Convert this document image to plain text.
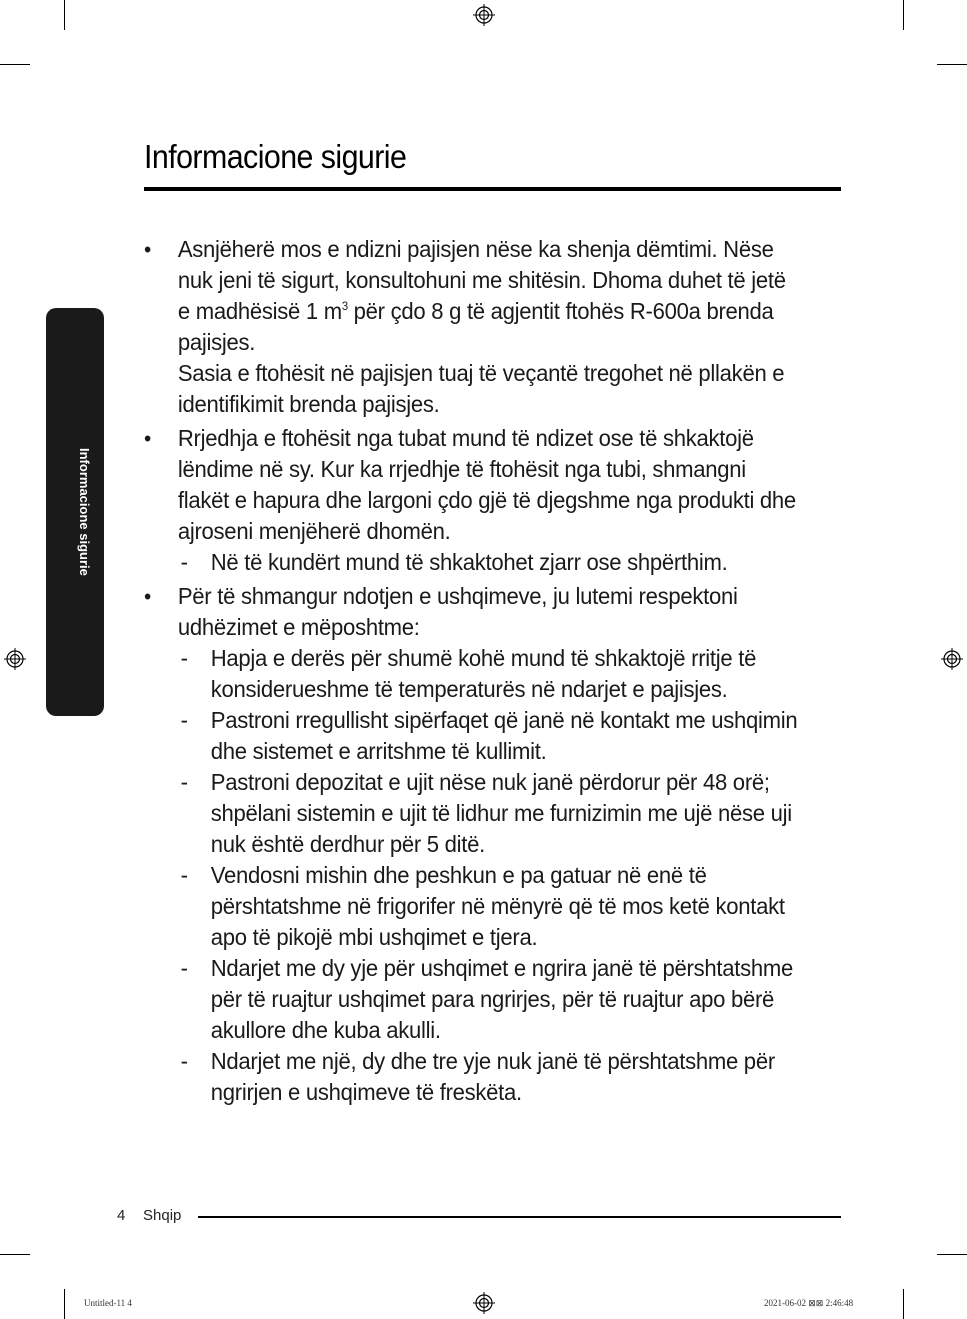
Informacione sigurie
Informacione sigurie
• Asnjëherë mos e ndizni pajisjen nëse ka shenja dëmtimi. Nëse nuk jeni të sigurt, konsultohuni me shitësin. Dhoma duhet të jetë e madhësisë 1 $m^3$ për çdo 8 g të agjentit ftohës R-600a brenda pajisjes.
Sasia e ftohësit në pajisjen tuaj të veçantë tregohet në pllakën e identifikimit brenda pajisjes.
• Rrjedhja e ftohësit nga tubat mund të ndizet ose të shkaktojë lëndime në sy. Kur ka rrjedhje të ftohësit nga tubi, shmangni flakët e hapura dhe largoni çdo gjë të djegshme nga produkti dhe ajroseni menjëherë dhomën.
- Në të kundërt mund të shkaktohet zjarr ose shpërthim.
• Për të shmangur ndotjen e ushqimeve, ju lutemi respektoni udhëzimet e mëposhtme:
- Hapja e derës për shumë kohë mund të shkaktojë rritje të konsiderueshme të temperaturës në ndarjet e pajisjes.
- Pastroni rregullisht sipërfaqet që janë në kontakt me ushqimin dhe sistemet e arritshme të kullimit.
- Pastroni depozitat e ujit nëse nuk janë përdorur për 48 orë; shpëlani sistemin e ujit të lidhur me furnizimin me ujë nëse uji nuk është derdhur për 5 ditë.
- Vendosni mishin dhe peshkun e pa gatuar në enë të përshtatshme në frigorifer në mënyrë që të mos ketë kontakt apo të pikojë mbi ushqimet e tjera.
- Ndarjet me dy yje për ushqimet e ngrira janë të përshtatshme për të ruajtur ushqimet para ngrirjes, për të ruajtur apo bërë akullore dhe kuba akulli.
- Ndarjet me një, dy dhe tre yje nuk janë të përshtatshme për ngrirjen e ushqimeve të freskëta.
4 Shqip
Untitled-11 4	2021-06-02 ⊠⊠ 2:46:48
